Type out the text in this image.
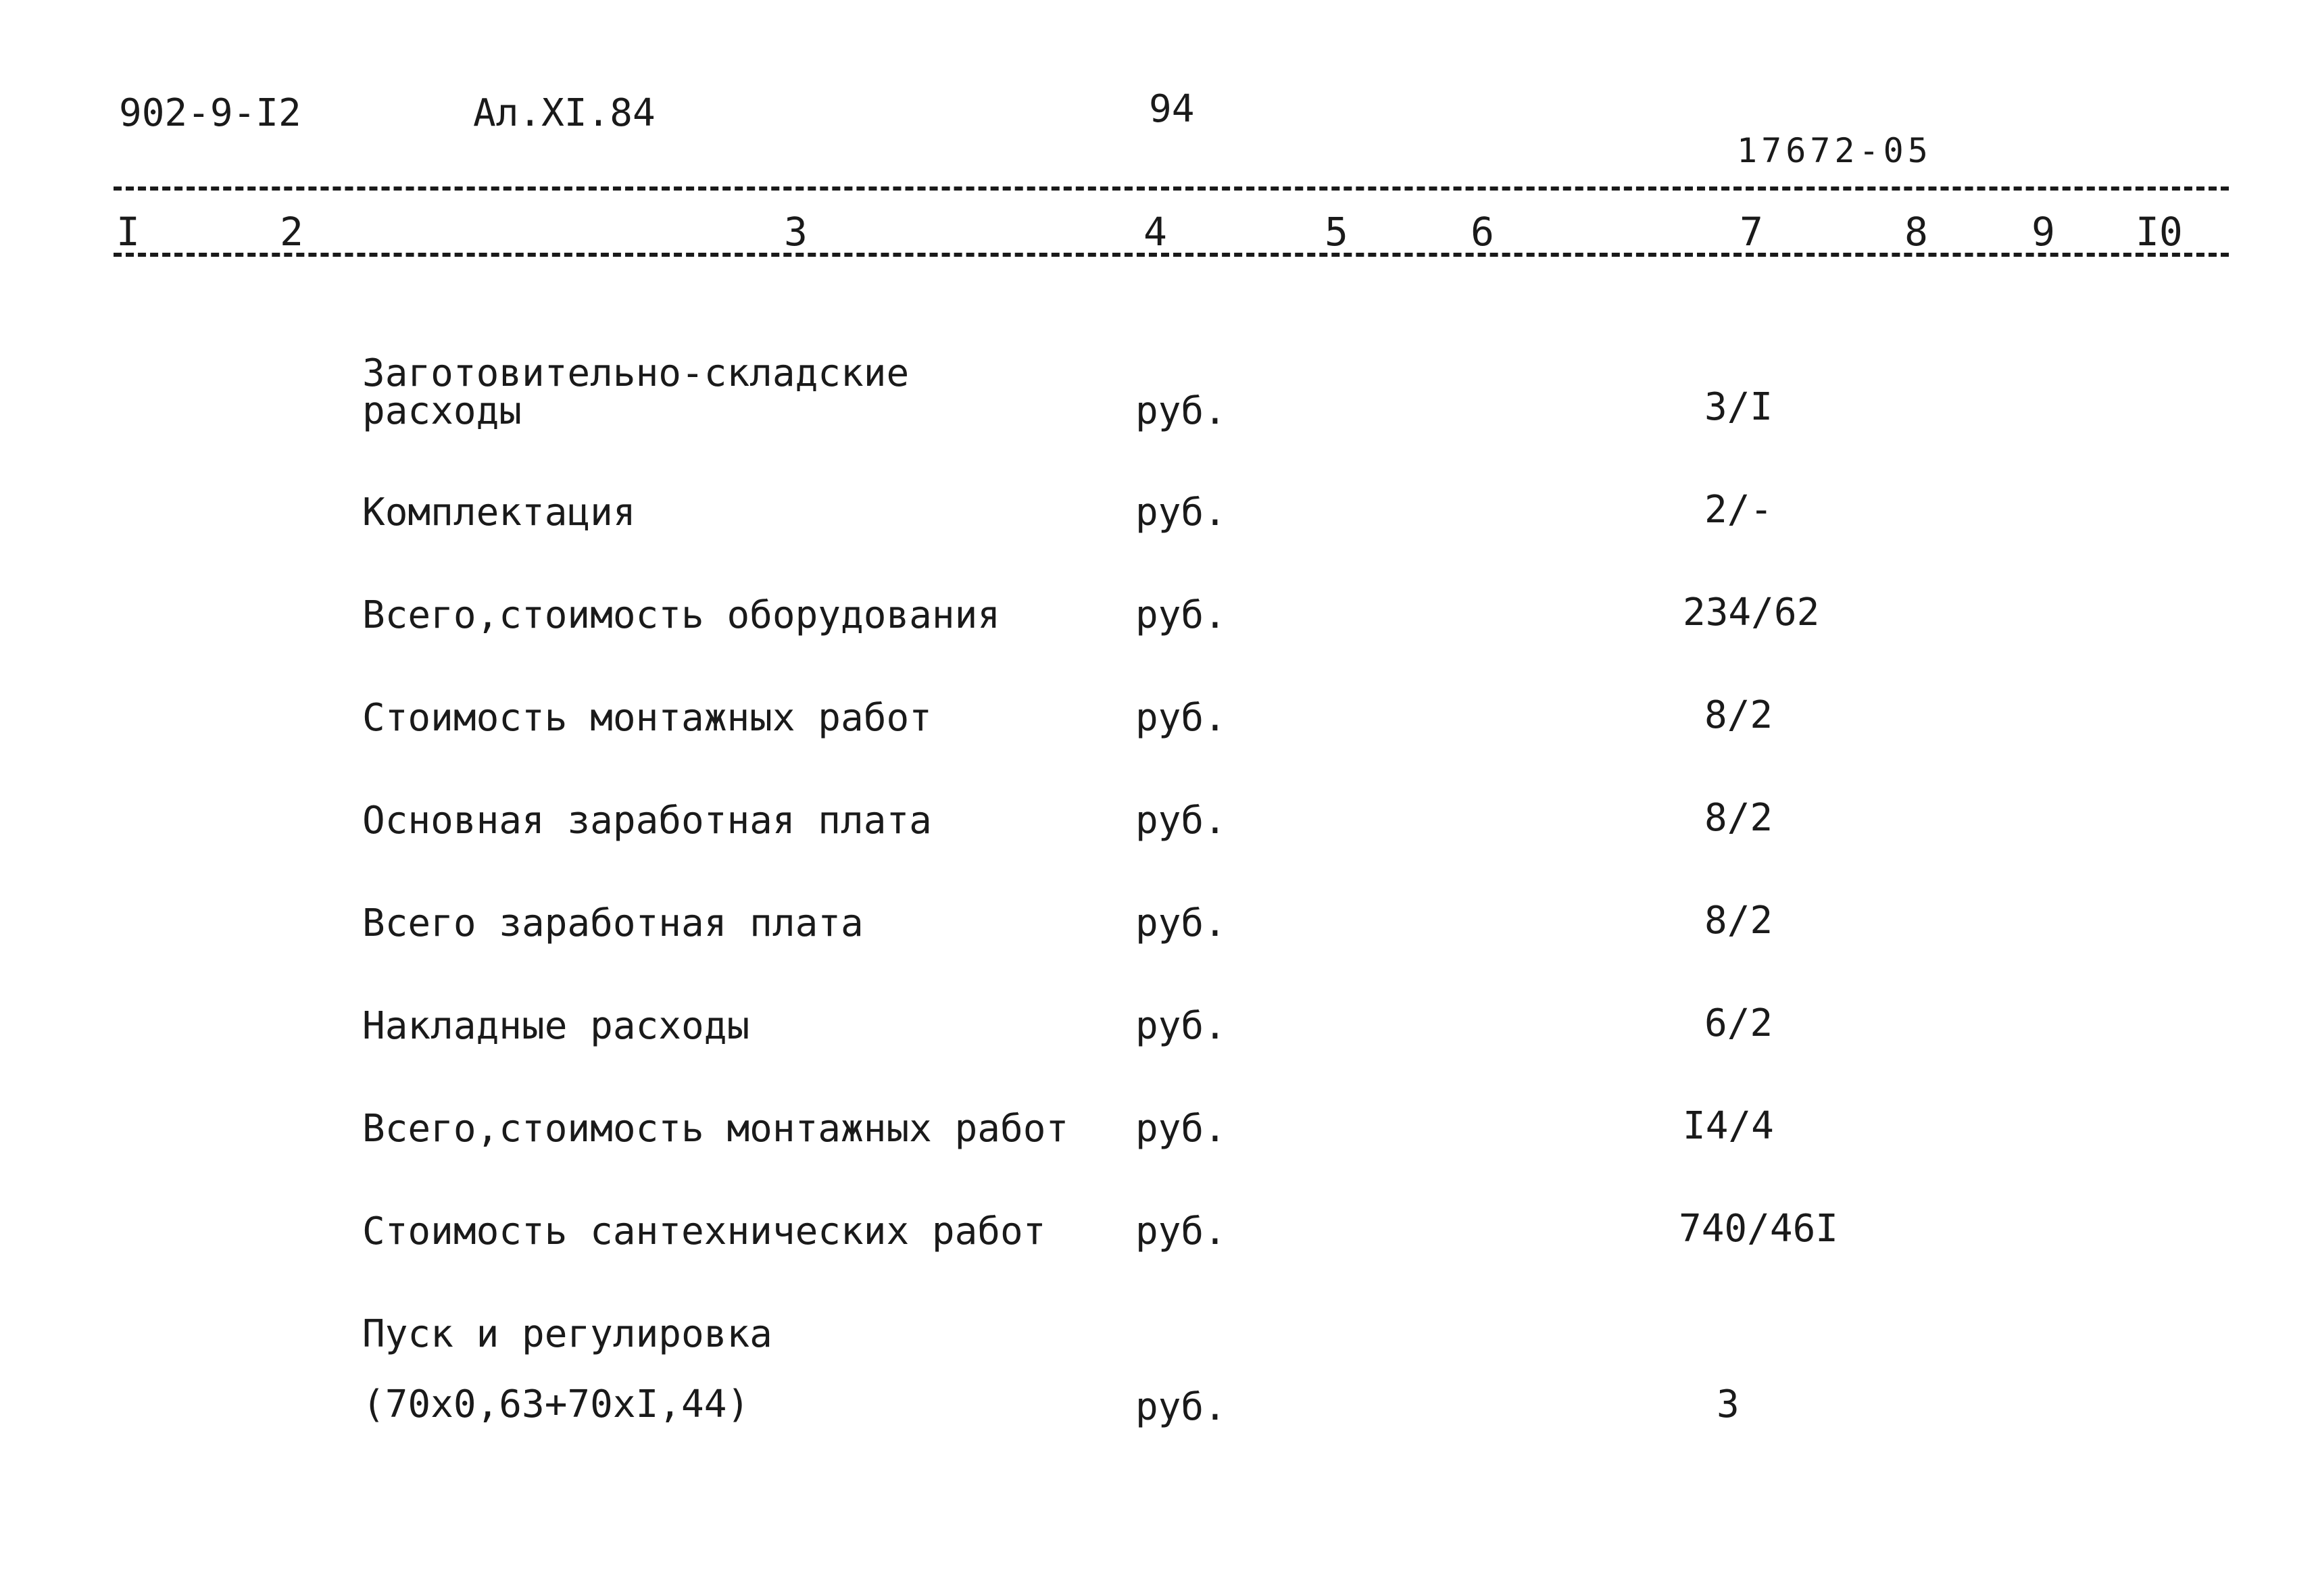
902-9-I2	Ал.XI.84	94
17672-05
I	2	3	4	5	6	7	8	9 I0
Заготовительно-складские
расходы	руб.	3/I
Комплектация	руб.	2/-
Всего,стоимость оборудования	руб.	234/62
Стоимость монтажных работ	руб.	8/2
Основная заработная плата	руб.	8/2
Всего заработная плата	руб.	8/2
Накладные расходы	руб.	6/2
Всего,стоимость монтажных работ руб.	I4/4
Стоимость сантехнических работ руб.	740/46I
Пуск и регулировка
(70x0,63+70xI,44)	руб.	3
